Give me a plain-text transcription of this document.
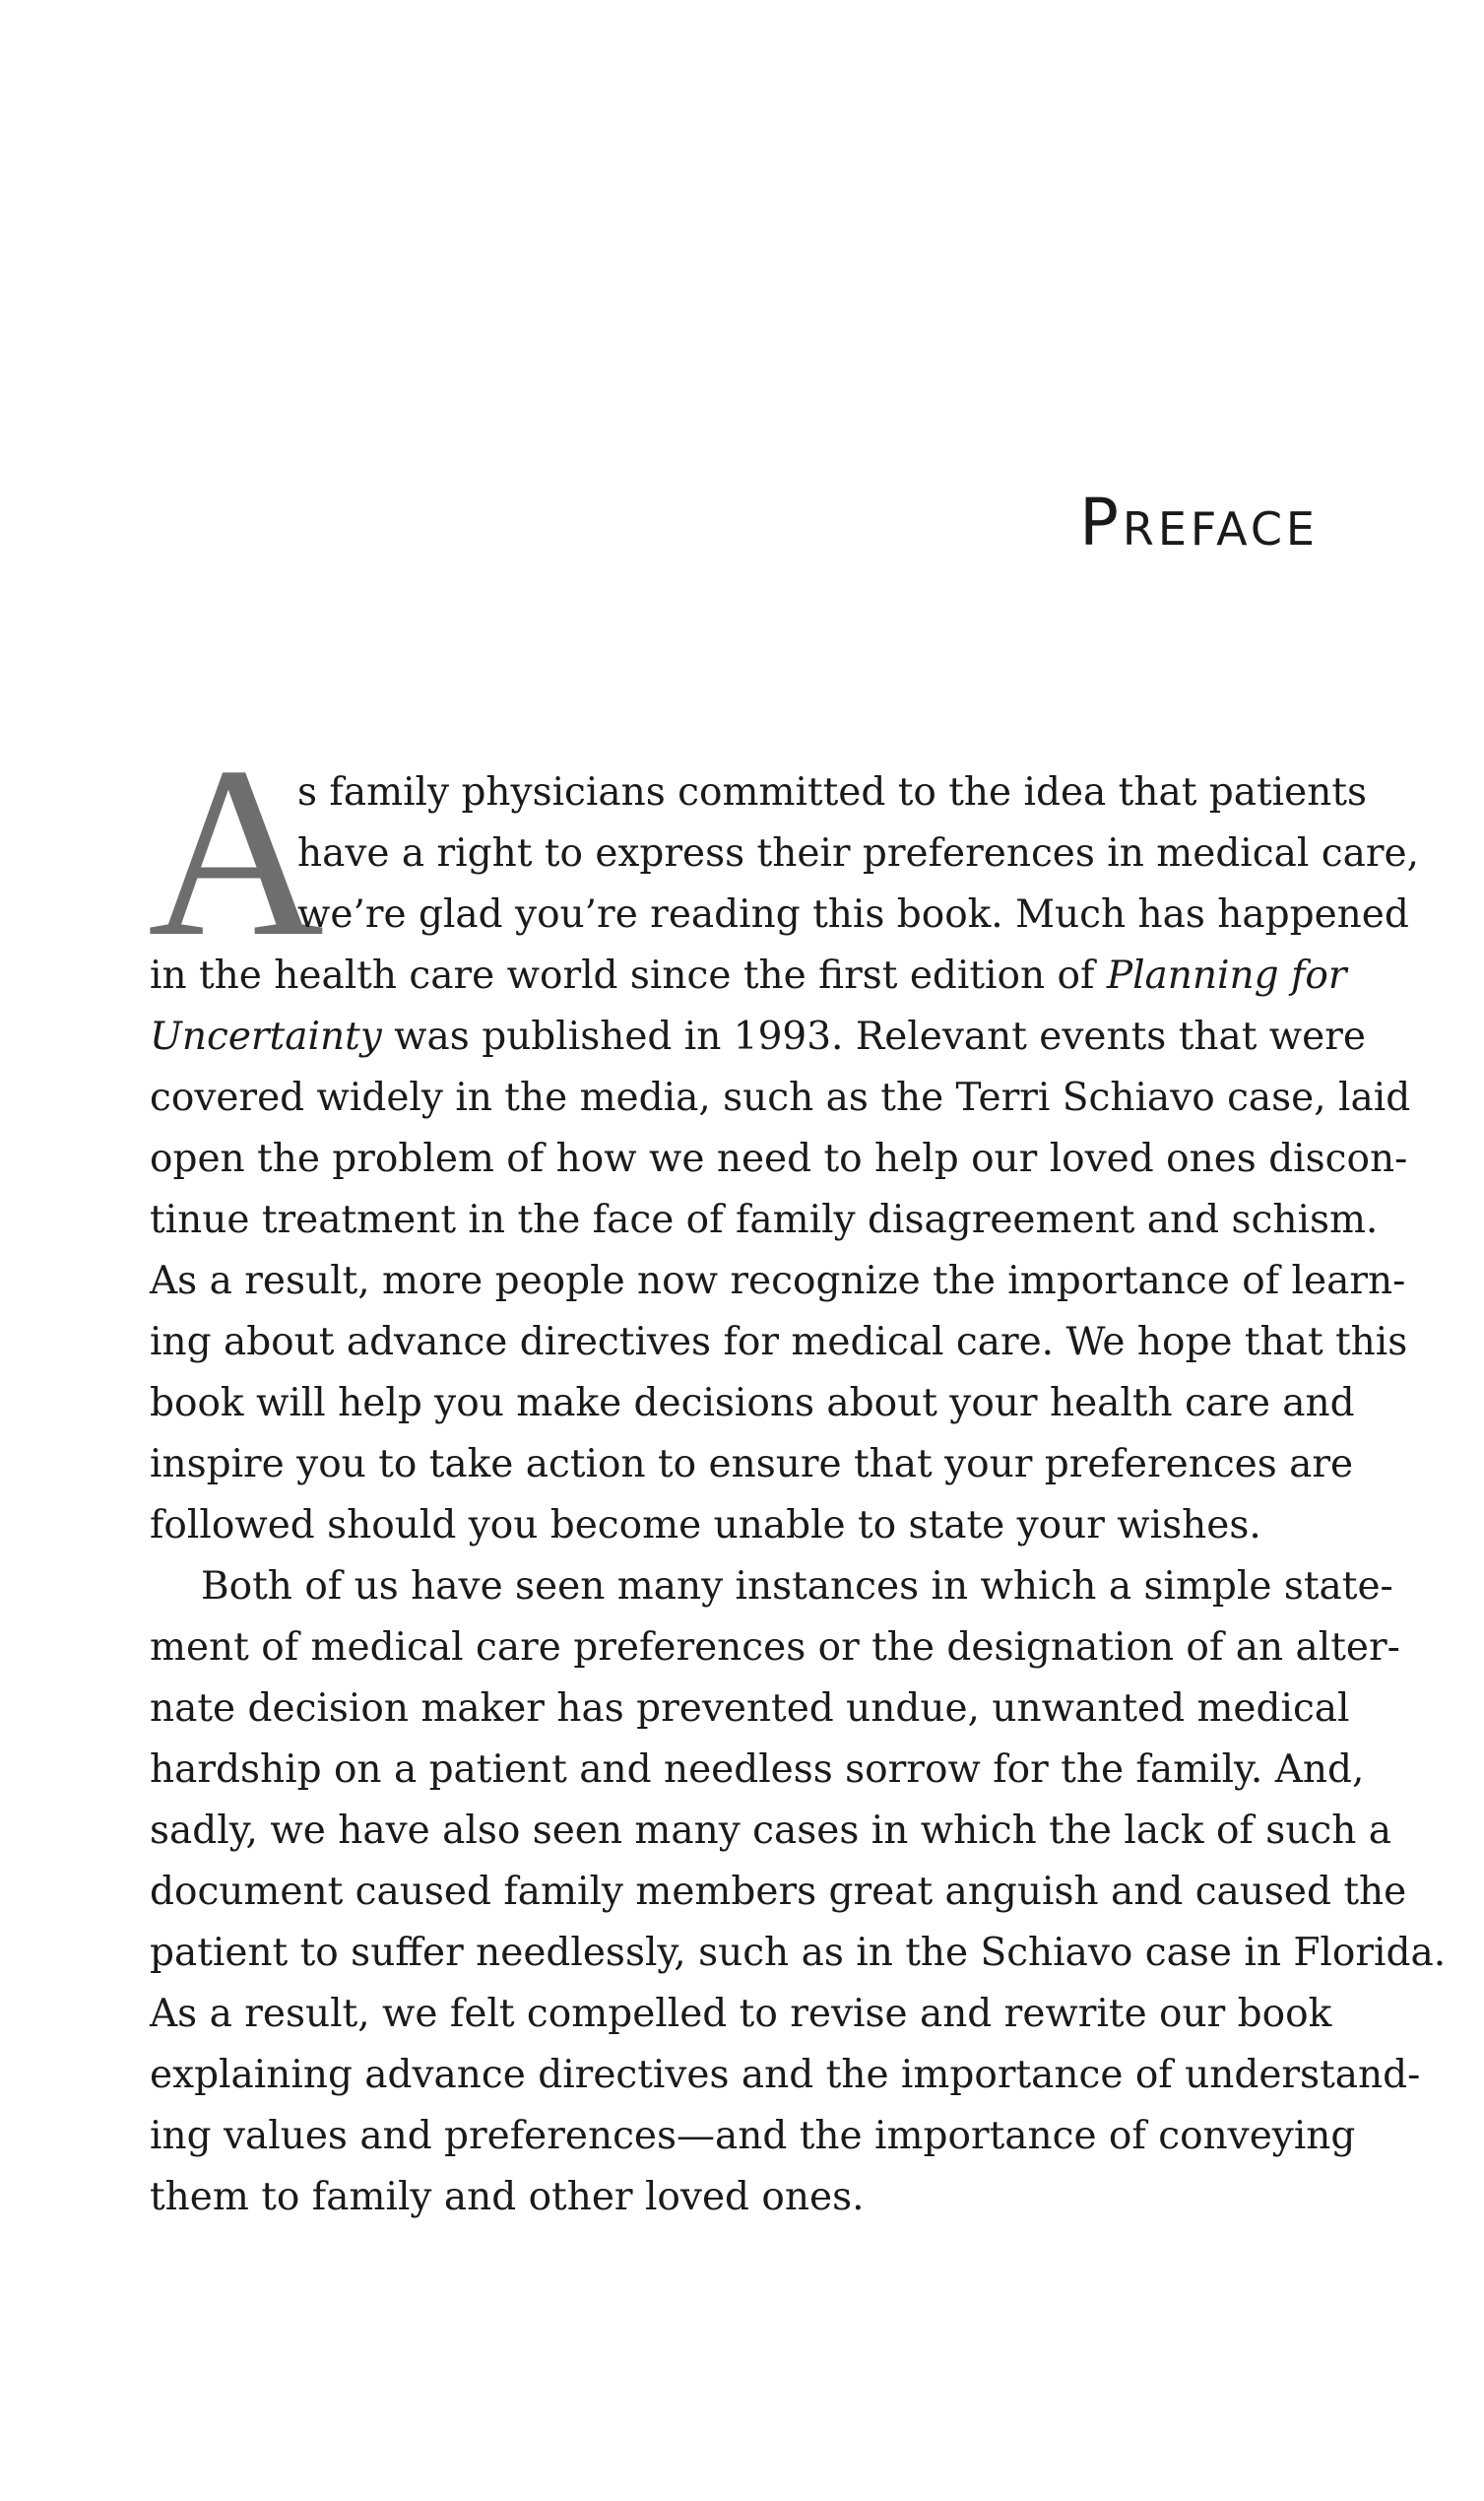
Preface
A
s family physicians committed to the idea that patients
have a right to express their preferences in medical care,
we’re glad you’re reading this book. Much has happened
in the health care world since the first edition of Planning for
Uncertainty was published in 1993. Relevant events that were
covered widely in the media, such as the Terri Schiavo case, laid
open the problem of how we need to help our loved ones discon-
tinue treatment in the face of family disagreement and schism.
As a result, more people now recognize the importance of learn-
ing about advance directives for medical care. We hope that this
book will help you make decisions about your health care and
inspire you to take action to ensure that your preferences are
followed should you become unable to state your wishes.
Both of us have seen many instances in which a simple state-
ment of medical care preferences or the designation of an alter-
nate decision maker has prevented undue, unwanted medical
hardship on a patient and needless sorrow for the family. And,
sadly, we have also seen many cases in which the lack of such a
document caused family members great anguish and caused the
patient to suffer needlessly, such as in the Schiavo case in Florida.
As a result, we felt compelled to revise and rewrite our book
explaining advance directives and the importance of understand-
ing values and preferences—and the importance of conveying
them to family and other loved ones.
